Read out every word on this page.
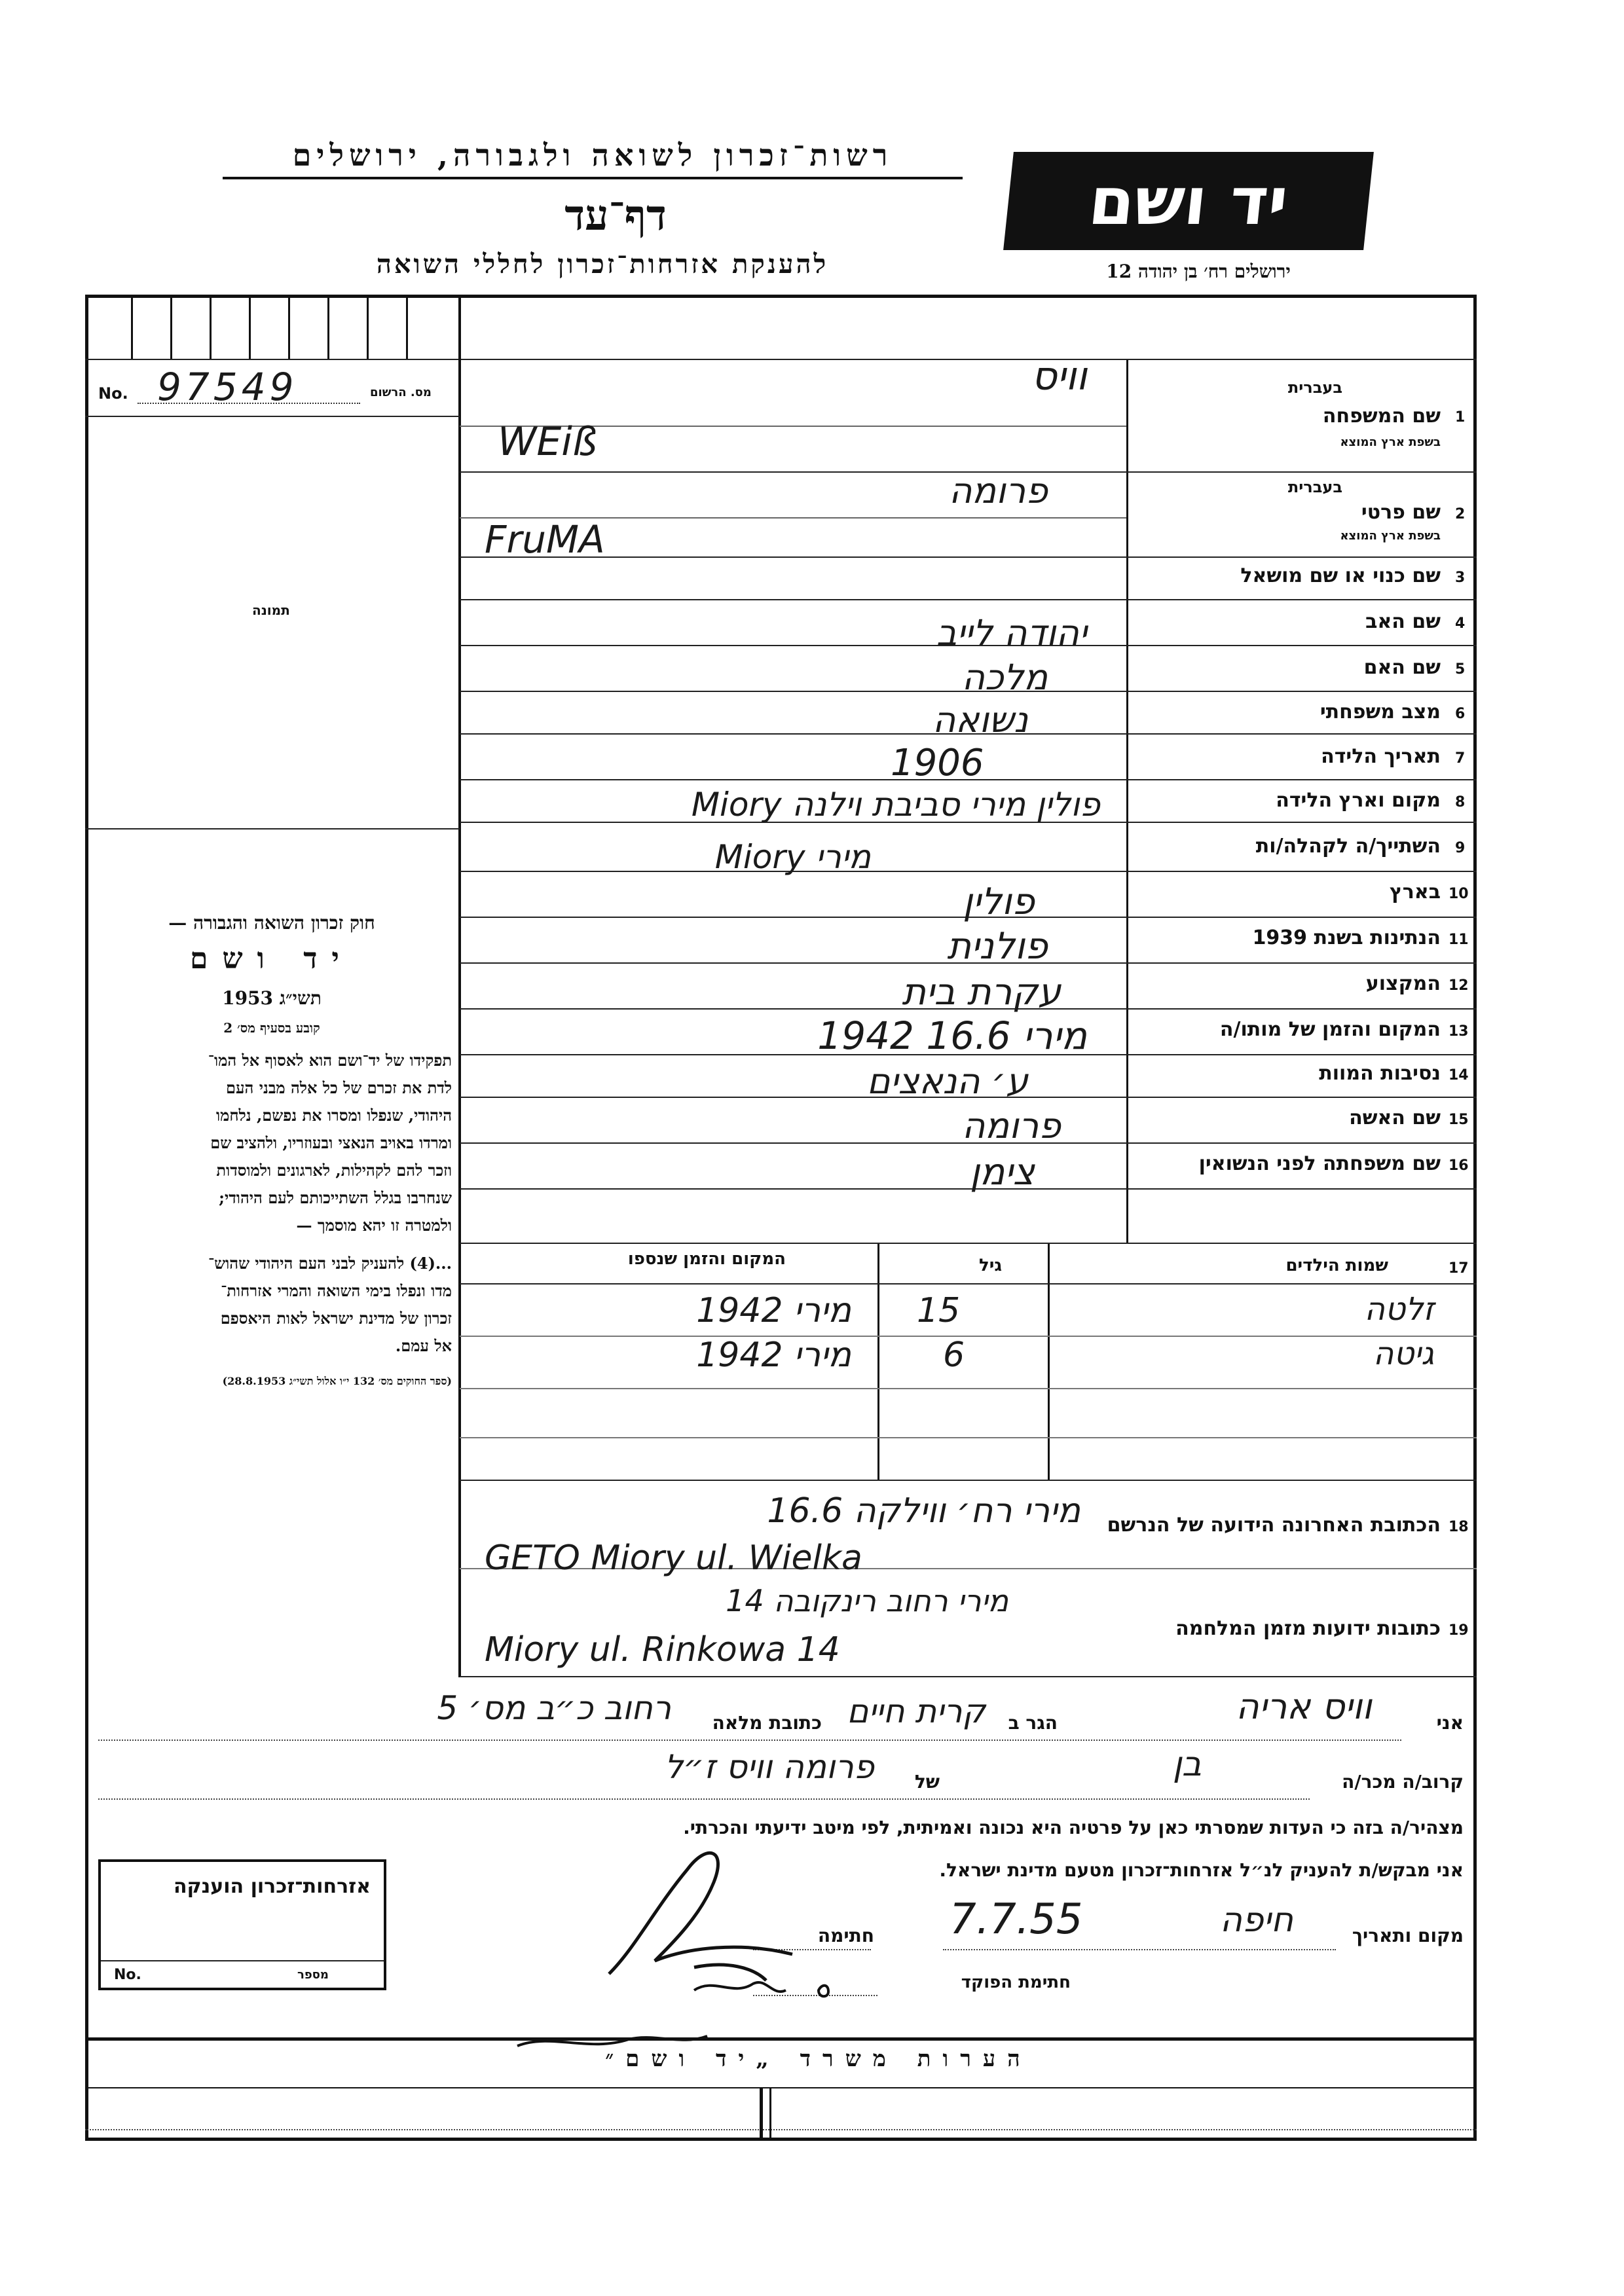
רשות־זכרון לשואה ולגבורה, ירושלים
דף־עד
להענקת אזרחות־זכרון לחללי השואה
יד ושם
ירושלים רח׳ בן יהודה 12
No. 97549	מס. הרשום
תמונה
חוק זכרון השואה והגבורה —
יד ושם
תשי״ג 1953
קובע בסעיף מס׳ 2
תפקידו של יד־ושם הוא לאסוף אל המו־
לדת את זכרם של כל אלה מבני העם
היהודי, שנפלו ומסרו את נפשם, נלחמו
ומרדו באויב הנאצי ובעוזריו, ולהציב שם
וזכר להם לקהילות, לארגונים ולמוסדות
שנחרבו בגלל השתייכותם לעם היהודי;
ולמטרה זו יהא מוסמך —
...(4) להעניק לבני העם היהודי שהוש־
מדו ונפלו בימי השואה והמרי אזרחות־
זכרון של מדינת ישראל לאות היאספם
אל עמם.
(ספר החוקים מס׳ 132 י״ו אלול תשי״ג 28.8.1953)
1
שם המשפחה
בעברית
בשפת ארץ המוצא
וויס
WEiß
2
שם פרטי
בעברית
בשפת ארץ המוצא
פרומה
FruMA
3
שם כנוי או שם מושאל
4
שם האב
יהודה לייב
5
שם האם
מלכה
6
מצב משפחתי
נשואה
7
תאריך הלידה
1906
8
מקום וארץ הלידה
פולין מירי סביבת וילנה Miory
9
השתייך/ה לקהלה/ות
מירי Miory
10
בארץ
פולין
11
הנתינות בשנת 1939
פולנית
12
המקצוע
עקרת בית
13
המקום והזמן של מותו/ה
מירי 16.6 1942
14
נסיבות המוות
ע׳ הנאצים
15
שם האשה
פרומה
16
שם משפחתה לפני הנשואין
צימן
17
שמות הילדים
גיל
המקום והזמן שנספו
זלטה
15
מירי 1942
גיטה
6
מירי 1942
18
הכתובת האחרונה הידועה של הנרשם
מירי רח׳ ווילקה 16.6
GETO Miory ul. Wielka
19
כתובות ידועות מזמן המלחמה
מירי רחוב רינקובה 14
Miory ul. Rinkowa 14
אני
וויס אריה
הגר ב
קרית חיים
כתובת מלאה
רחוב כ״ב מס׳ 5
קרוב/ה מכר/ה
בן
של
פרומה וויס ז״ל
מצהיר/ה בזה כי העדות שמסרתי כאן על פרטיה היא נכונה ואמיתית, לפי מיטב ידיעתי והכרתי.
אני מבקש/ת להעניק לנ״ל אזרחות־זכרון מטעם מדינת ישראל.
מקום ותאריך
חיפה
7.7.55
חתימה
חתימת הפוקד
אזרחות־זכרון הוענקה
No.	מספר
הערות משרד „יד ושם״
